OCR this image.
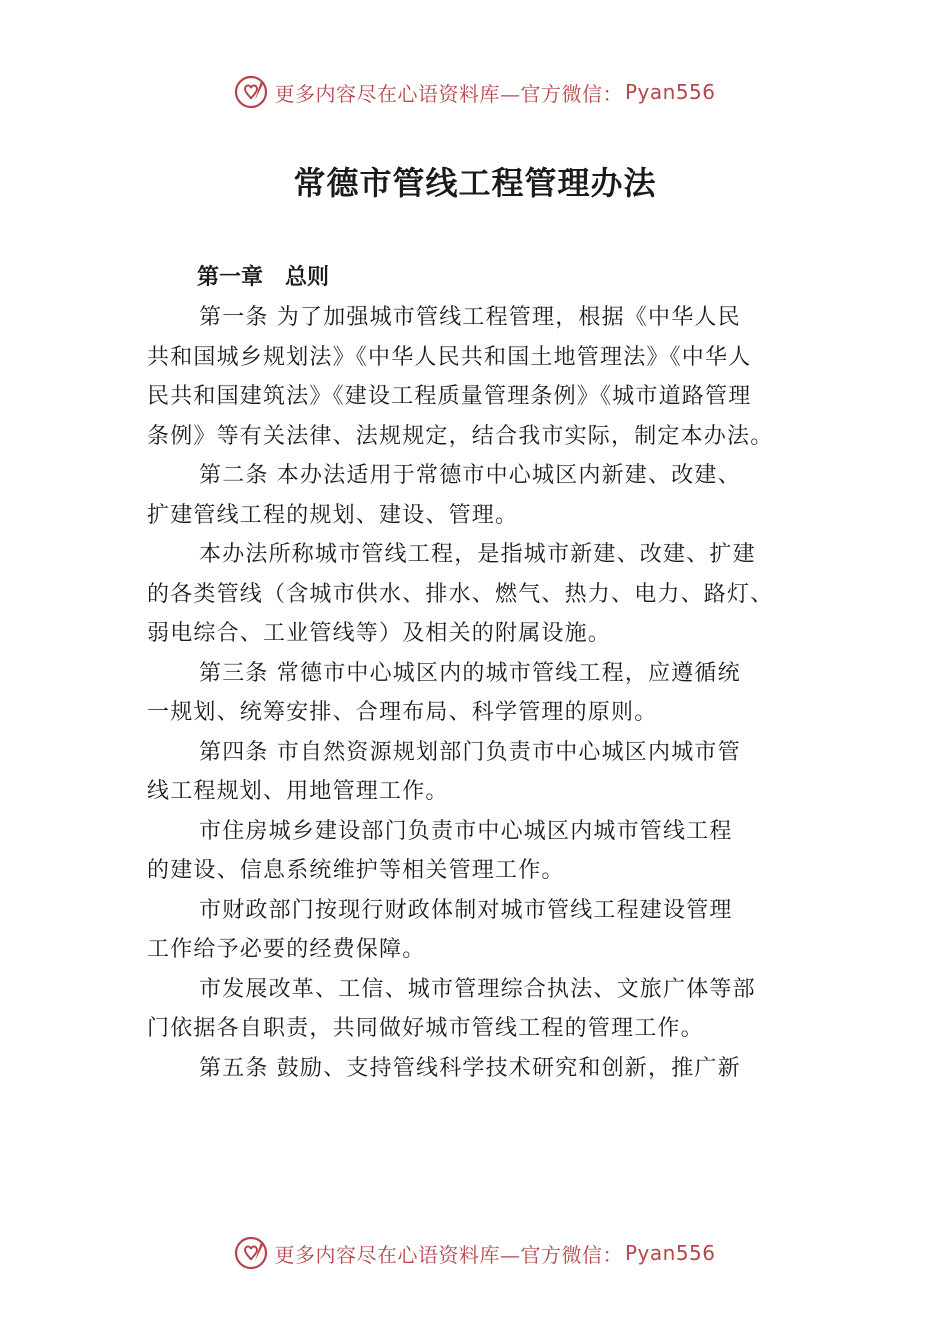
更多内容尽在心语资料库—官方微信： Pyan556
常德市管线工程管理办法

第一章　总则

第一条 为了加强城市管线工程管理，根据《中华人民
共和国城乡规划法》《中华人民共和国土地管理法》《中华人
民共和国建筑法》《建设工程质量管理条例》《城市道路管理
条例》等有关法律、法规规定，结合我市实际，制定本办法。

第二条 本办法适用于常德市中心城区内新建、改建、
扩建管线工程的规划、建设、管理。

本办法所称城市管线工程，是指城市新建、改建、扩建
的各类管线（含城市供水、排水、燃气、热力、电力、路灯、
弱电综合、工业管线等）及相关的附属设施。

第三条 常德市中心城区内的城市管线工程，应遵循统
一规划、统筹安排、合理布局、科学管理的原则。

第四条 市自然资源规划部门负责市中心城区内城市管
线工程规划、用地管理工作。

市住房城乡建设部门负责市中心城区内城市管线工程
的建设、信息系统维护等相关管理工作。

市财政部门按现行财政体制对城市管线工程建设管理
工作给予必要的经费保障。

市发展改革、工信、城市管理综合执法、文旅广体等部
门依据各自职责，共同做好城市管线工程的管理工作。

第五条 鼓励、支持管线科学技术研究和创新，推广新

更多内容尽在心语资料库—官方微信： Pyan556
